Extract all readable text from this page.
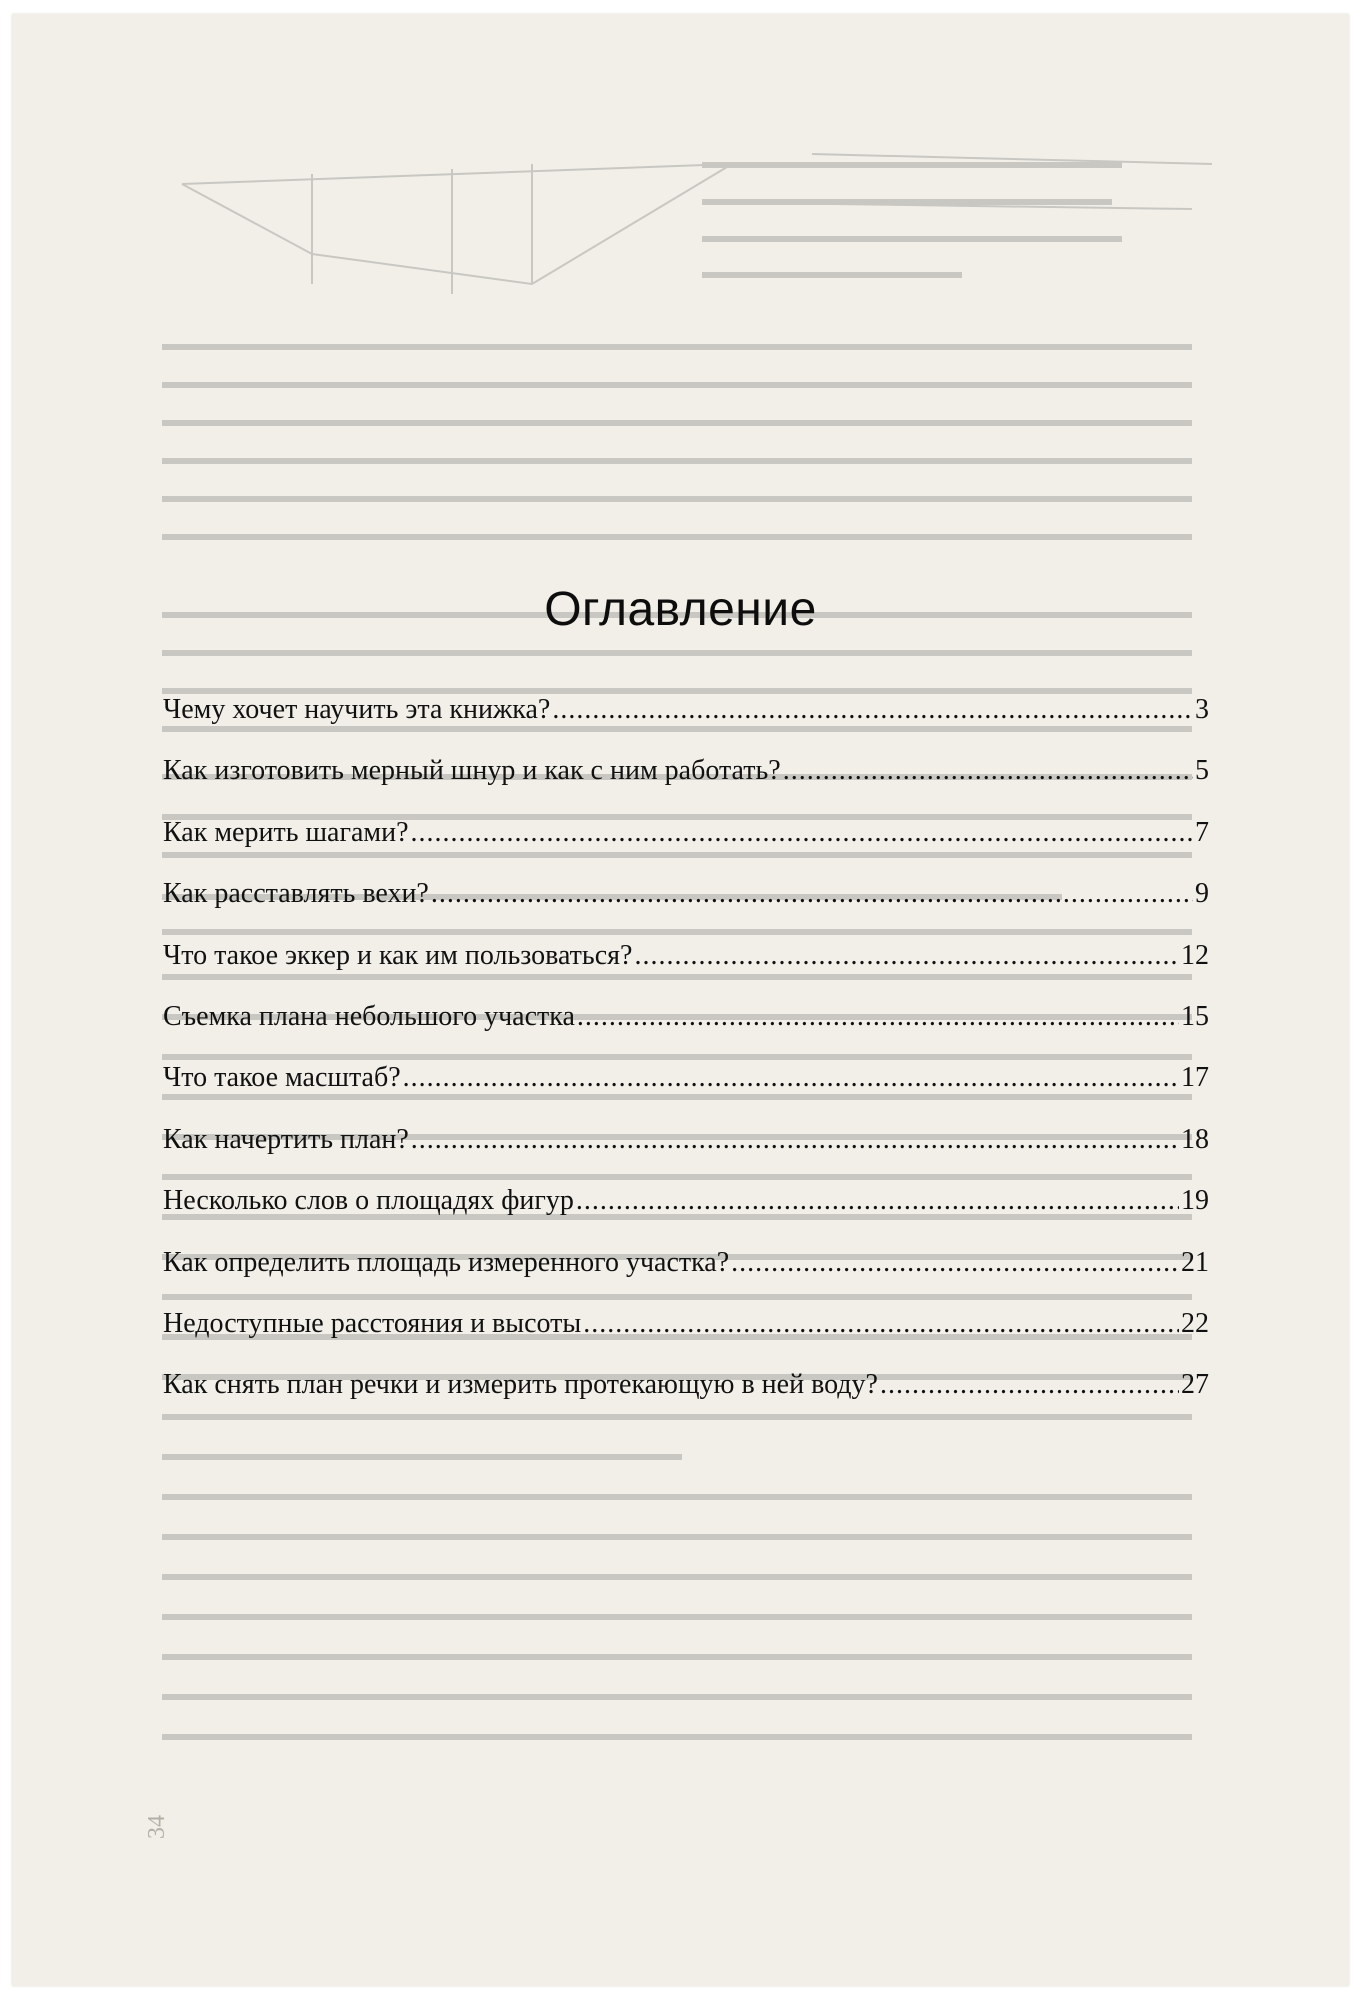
Оглавление
Чему хочет научить эта книжка? .....	3
Как изготовить мерный шнур и как с ним работать? .....	5
Как мерить шагами? .....	7
Как расставлять вехи? .....	9
Что такое эккер и как им пользоваться? .....	12
Съемка плана небольшого участка .....	15
Что такое масштаб? .....	17
Как начертить план? .....	18
Несколько слов о площадях фигур .....	19
Как определить площадь измеренного участка? .....	21
Недоступные расстояния и высоты .....	22
Как снять план речки и измерить протекающую в ней воду? .....	27
34
